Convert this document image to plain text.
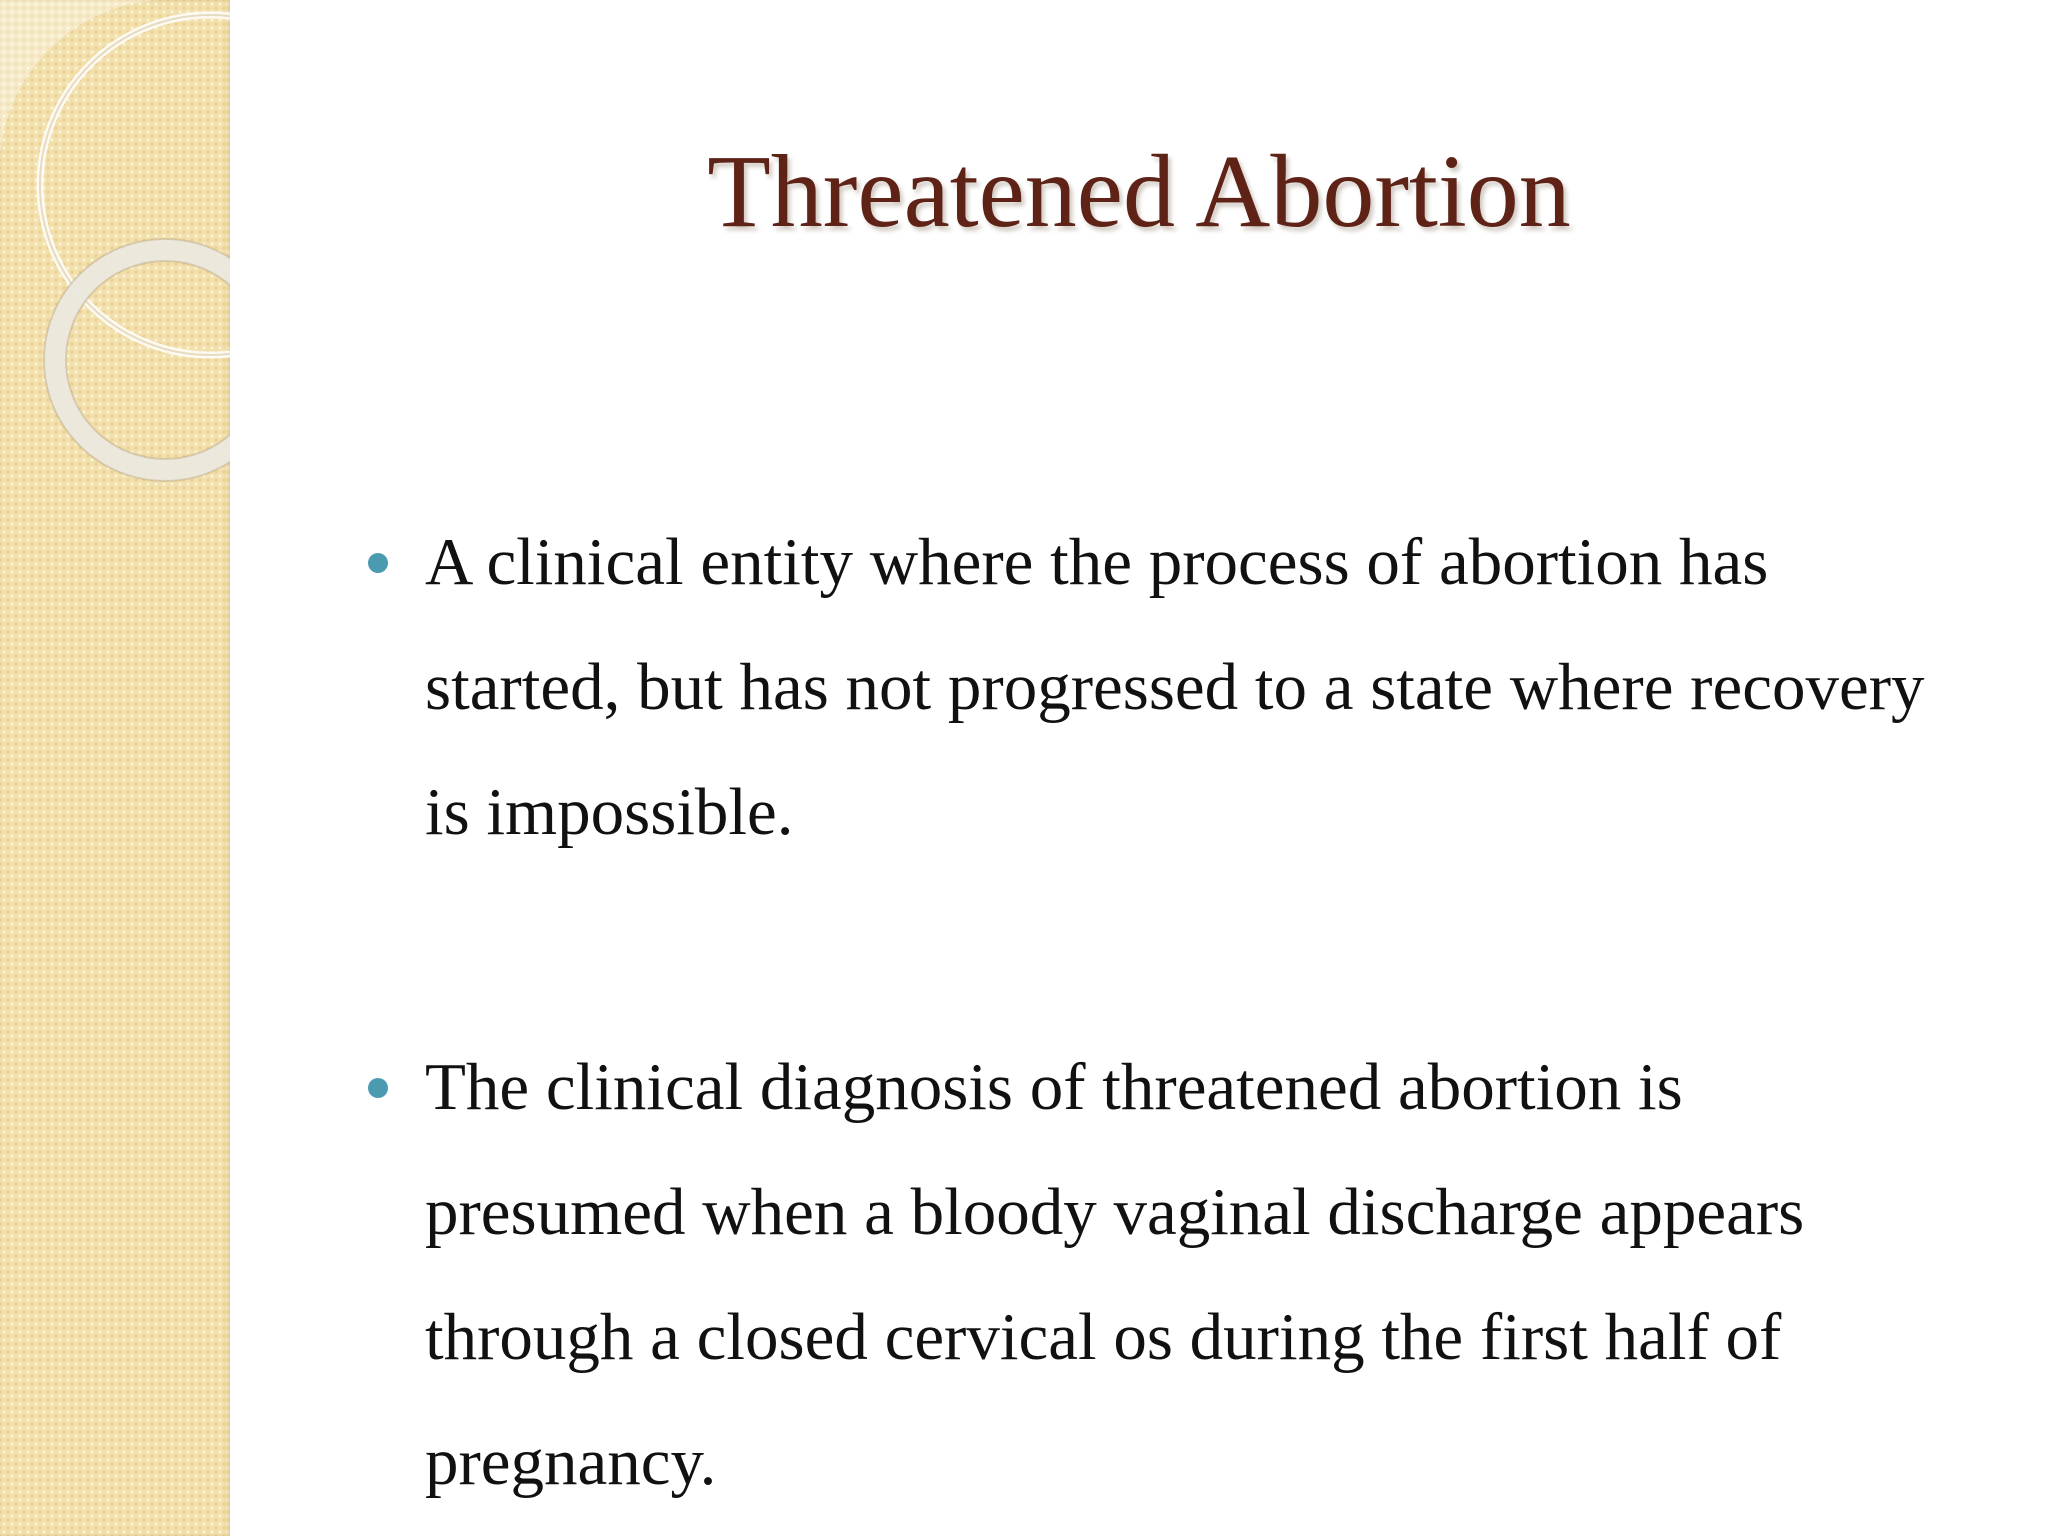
Threatened Abortion

A clinical entity where the process of abortion has
started, but has not progressed to a state where recovery
is impossible.

The clinical diagnosis of threatened abortion is
presumed when a bloody vaginal discharge appears
through a closed cervical os during the first half of
pregnancy.
